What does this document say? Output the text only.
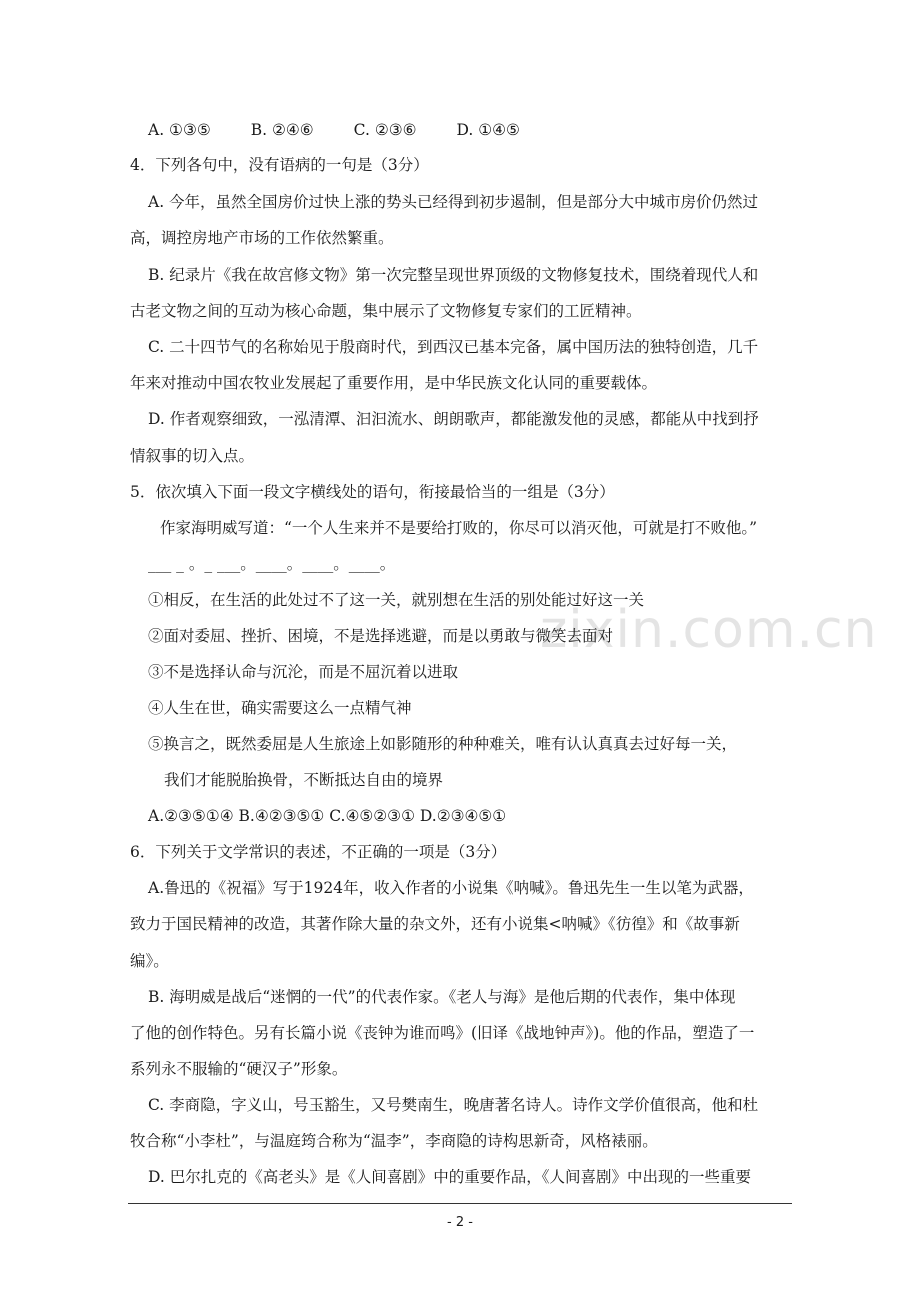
zixin.com.cn
A. ①③⑤	B. ②④⑥	C. ②③⑥	D. ①④⑤
4．下列各句中，没有语病的一句是（3分）
A. 今年，虽然全国房价过快上涨的势头已经得到初步遏制，但是部分大中城市房价仍然过
高，调控房地产市场的工作依然繁重。
B. 纪录片《我在故宫修文物》第一次完整呈现世界顶级的文物修复技术，围绕着现代人和
古老文物之间的互动为核心命题，集中展示了文物修复专家们的工匠精神。
C. 二十四节气的名称始见于殷商时代，到西汉已基本完备，属中国历法的独特创造，几千
年来对推动中国农牧业发展起了重要作用，是中华民族文化认同的重要载体。
D. 作者观察细致，一泓清潭、汩汩流水、朗朗歌声，都能激发他的灵感，都能从中找到抒
情叙事的切入点。
5．依次填入下面一段文字横线处的语句，衔接最恰当的一组是（3分）
作家海明威写道：“一个人生来并不是要给打败的，你尽可以消灭他，可就是打不败他。”
___ _ 。_ ___。____。____。____。
①相反，在生活的此处过不了这一关，就别想在生活的别处能过好这一关
②面对委屈、挫折、困境，不是选择逃避，而是以勇敢与微笑去面对
③不是选择认命与沉沦，而是不屈沉着以进取
④人生在世，确实需要这么一点精气神
⑤换言之，既然委屈是人生旅途上如影随形的种种难关，唯有认认真真去过好每一关，
我们才能脱胎换骨，不断抵达自由的境界
A.②③⑤①④ B.④②③⑤① C.④⑤②③① D.②③④⑤①
6．下列关于文学常识的表述，不正确的一项是（3分）
A.鲁迅的《祝福》写于1924年，收入作者的小说集《呐喊》。鲁迅先生一生以笔为武器，
致力于国民精神的改造，其著作除大量的杂文外，还有小说集<呐喊》《彷徨》和《故事新
编》。
B. 海明威是战后“迷惘的一代”的代表作家。《老人与海》是他后期的代表作，集中体现
了他的创作特色。另有长篇小说《丧钟为谁而鸣》(旧译《战地钟声》)。他的作品，塑造了一
系列永不服输的“硬汉子”形象。
C. 李商隐，字义山，号玉豁生，又号樊南生，晚唐著名诗人。诗作文学价值很高，他和杜
牧合称“小李杜”，与温庭筠合称为“温李”，李商隐的诗构思新奇，风格裱丽。
D. 巴尔扎克的《高老头》是《人间喜剧》中的重要作品，《人间喜剧》中出现的一些重要
- 2 -
